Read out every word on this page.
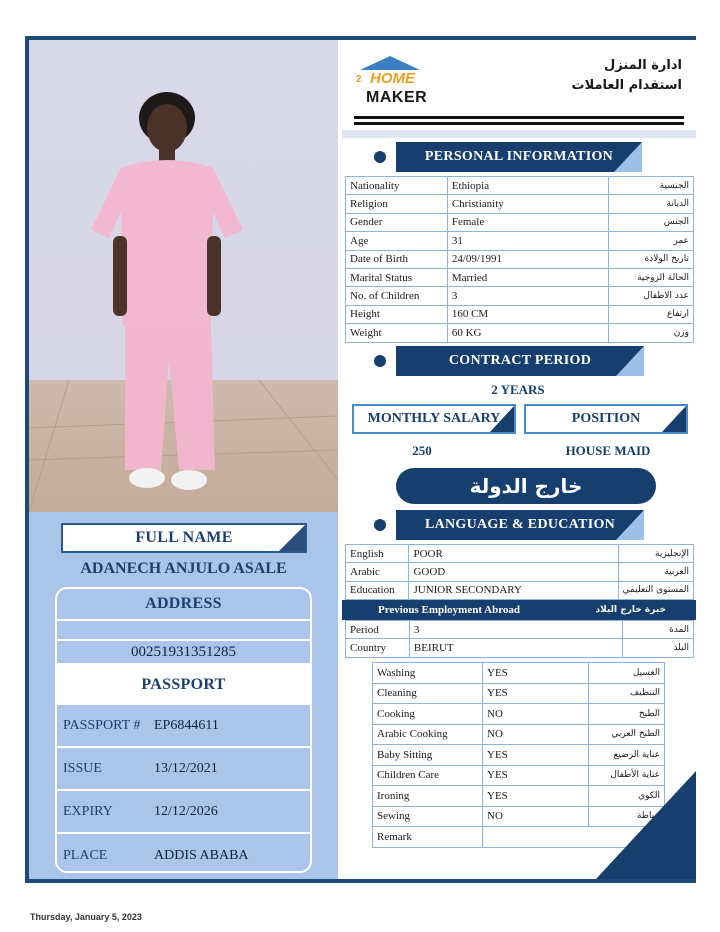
FULL NAME
ADANECH ANJULO ASALE
ADDRESS
00251931351285
PASSPORT
PASSPORT # EP6844611
ISSUE	13/12/2021
EXPIRY	12/12/2026
PLACE	ADDIS ABABA
2 HOME
MAKER
ادارة المنزل
استقدام العاملات
PERSONAL INFORMATION
Nationality	Ethiopia	الجنسية
Religion	Christianity	الديانة
Gender	Female	الجنس
Age	31	عمر
Date of Birth	24/09/1991	تاريخ الولادة
Marital Status	Married	الحالة الزوجية
No. of Children	3	عدد الاطفال
Height	160 CM	ارتفاع
Weight	60 KG	وزن
CONTRACT PERIOD
2 YEARS
MONTHLY SALARY	POSITION
250	HOUSE MAID
خارج الدولة
LANGUAGE & EDUCATION
English	POOR	الإنجليزية
Arabic	GOOD	العربية
Education	JUNIOR SECONDARY	المستوى التعليمي
Previous Employment Abroad	خبرة خارج البلاد
Period	3	المدة
Country	BEIRUT	البلد
Washing	YES	الغسيل
Cleaning	YES	التنظيف
Cooking	NO	الطبخ
Arabic Cooking	NO	الطبخ العربي
Baby Sitting	YES	عناية الرضيع
Children Care	YES	عناية الأطفال
Ironing	YES	الكوي
Sewing	NO	خياطة
Remark		
Thursday, January 5, 2023
